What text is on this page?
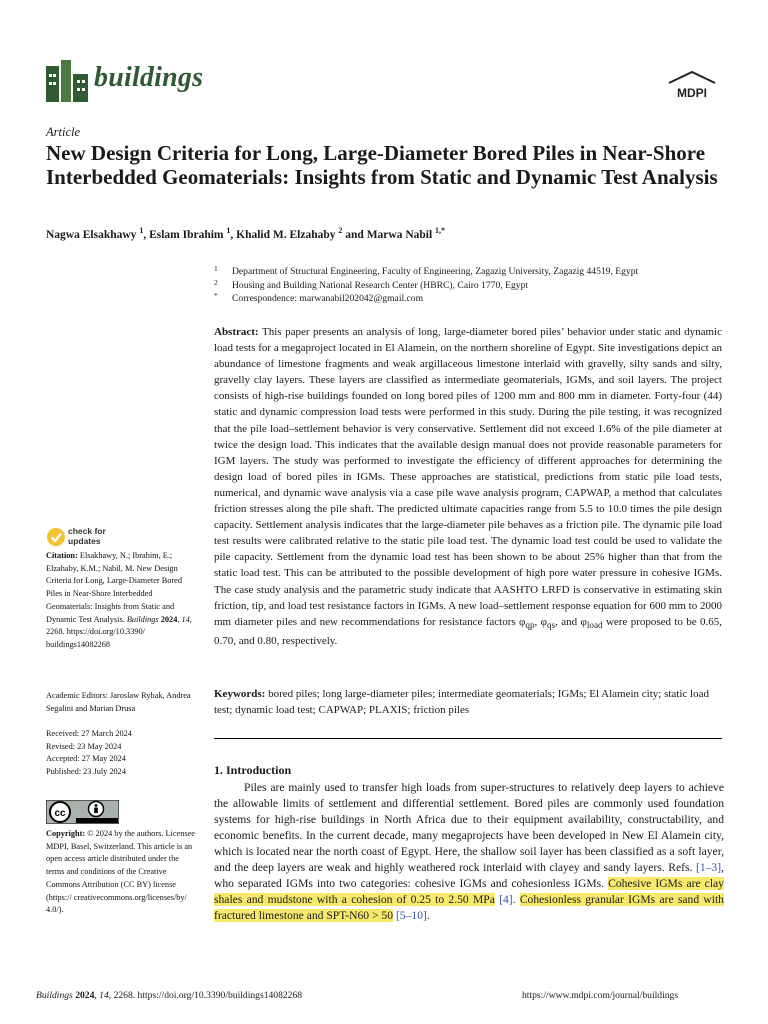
buildings	MDPI
Article
New Design Criteria for Long, Large-Diameter Bored Piles in Near-Shore Interbedded Geomaterials: Insights from Static and Dynamic Test Analysis
Nagwa Elsakhawy $^1$, Eslam Ibrahim $^1$, Khalid M. Elzahaby $^2$ and Marwa Nabil $^{1,*}$
1 Department of Structural Engineering, Faculty of Engineering, Zagazig University, Zagazig 44519, Egypt
2 Housing and Building National Research Center (HBRC), Cairo 1770, Egypt
* Correspondence: marwanabil202042@gmail.com
Abstract: This paper presents an analysis of long, large-diameter bored piles’ behavior under static and dynamic load tests for a megaproject located in El Alamein, on the northern shoreline of Egypt. Site investigations depict an abundance of limestone fragments and weak argillaceous limestone interlaid with gravelly, silty sands and silty, gravelly clay layers. These layers are classified as intermediate geomaterials, IGMs, and soil layers. The project consists of high-rise buildings founded on long bored piles of 1200 mm and 800 mm in diameter. Forty-four (44) static and dynamic compression load tests were performed in this study. During the pile testing, it was recognized that the pile load–settlement behavior is very conservative. Settlement did not exceed 1.6% of the pile diameter at twice the design load. This indicates that the available design manual does not provide reasonable parameters for IGM layers. The study was performed to investigate the efficiency of different approaches for determining the design load of bored piles in IGMs. These approaches are statistical, predictions from static pile load tests, numerical, and dynamic wave analysis via a case pile wave analysis program, CAPWAP, a method that calculates friction stresses along the pile shaft. The predicted ultimate capacities range from 5.5 to 10.0 times the pile design capacity. Settlement analysis indicates that the large-diameter pile behaves as a friction pile. The dynamic pile load test results were calibrated relative to the static pile load test. The dynamic load test could be used to validate the pile capacity. Settlement from the dynamic load test has been shown to be about 25% higher than that from the static load test. This can be attributed to the possible development of high pore water pressure in cohesive IGMs. The case study analysis and the parametric study indicate that AASHTO LRFD is conservative in estimating skin friction, tip, and load test resistance factors in IGMs. A new load–settlement response equation for 600 mm to 2000 mm diameter piles and new recommendations for resistance factors $\varphi_{qp}$, $\varphi_{qs}$, and $\varphi_{load}$ were proposed to be 0.65, 0.70, and 0.80, respectively.
Keywords: bored piles; long large-diameter piles; intermediate geomaterials; IGMs; El Alamein city; static load test; dynamic load test; CAPWAP; PLAXIS; friction piles
1. Introduction

Piles are mainly used to transfer high loads from super-structures to relatively deep layers to achieve the allowable limits of settlement and differential settlement. Bored piles are commonly used foundation systems for high-rise buildings in North Africa due to their equipment availability, constructability, and economic benefits. In the current decade, many megaprojects have been developed in New El Alamein city, which is located near the north coast of Egypt. Here, the shallow soil layer has been classified as a soft layer, and the deep layers are weak and highly weathered rock interlaid with clayey and sandy layers. Refs. [1–3], who separated IGMs into two categories: cohesive IGMs and cohesionless IGMs. Cohesive IGMs are clay shales and mudstone with a cohesion of 0.25 to 2.50 MPa [4]. Cohesionless granular IGMs are sand with fractured limestone and SPT-N60 > 50 [5–10].

check for
updates
Citation: Elsakhawy, N.; Ibrahim, E.; Elzahaby, K.M.; Nabil, M. New Design Criteria for Long, Large-Diameter Bored Piles in Near-Shore Interbedded Geomaterials: Insights from Static and Dynamic Test Analysis. Buildings 2024, 14, 2268. https://doi.org/10.3390/ buildings14082268
Academic Editors: Jaroslaw Rybak, Andrea Segalini and Marian Drusa
Received: 27 March 2024
Revised: 23 May 2024
Accepted: 27 May 2024
Published: 23 July 2024
cc
Copyright: © 2024 by the authors. Licensee MDPI, Basel, Switzerland. This article is an open access article distributed under the terms and conditions of the Creative Commons Attribution (CC BY) license (https:// creativecommons.org/licenses/by/ 4.0/).
Buildings 2024, 14, 2268. https://doi.org/10.3390/buildings14082268	https://www.mdpi.com/journal/buildings
